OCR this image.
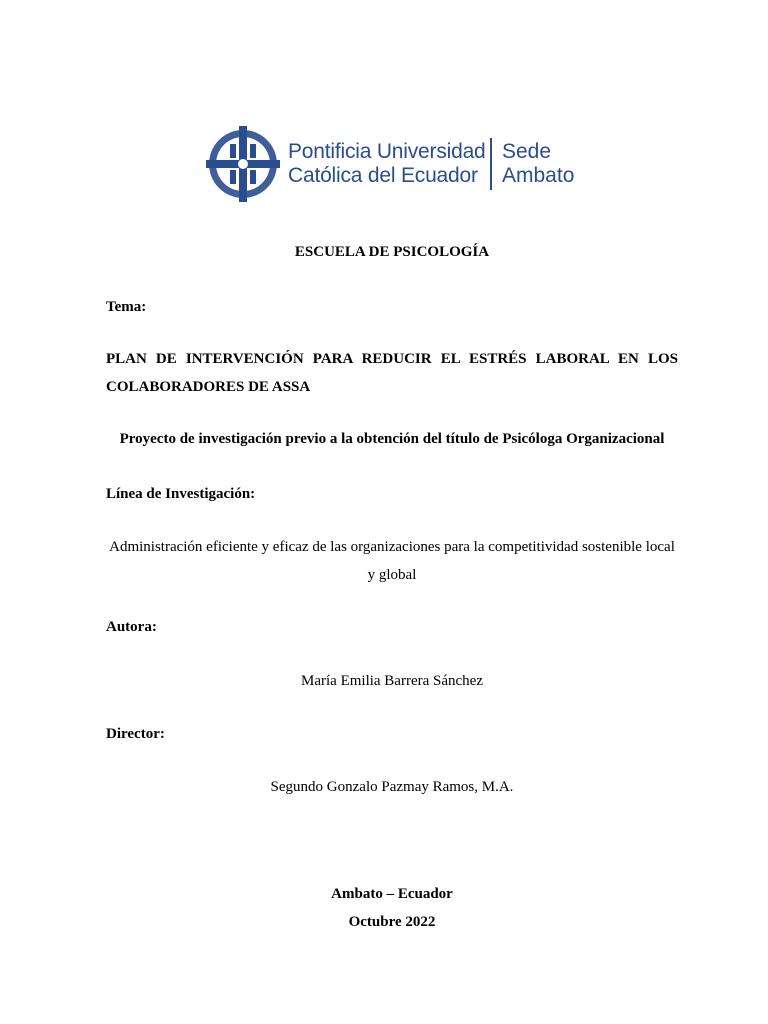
Pontificia Universidad
Católica del Ecuador
Sede
Ambato
ESCUELA DE PSICOLOGÍA
Tema:
PLAN DE INTERVENCIÓN PARA REDUCIR EL ESTRÉS LABORAL EN LOS
COLABORADORES DE ASSA
Proyecto de investigación previo a la obtención del título de Psicóloga Organizacional
Línea de Investigación:
Administración eficiente y eficaz de las organizaciones para la competitividad sostenible local
y global
Autora:
María Emilia Barrera Sánchez
Director:
Segundo Gonzalo Pazmay Ramos, M.A.
Ambato – Ecuador
Octubre 2022
